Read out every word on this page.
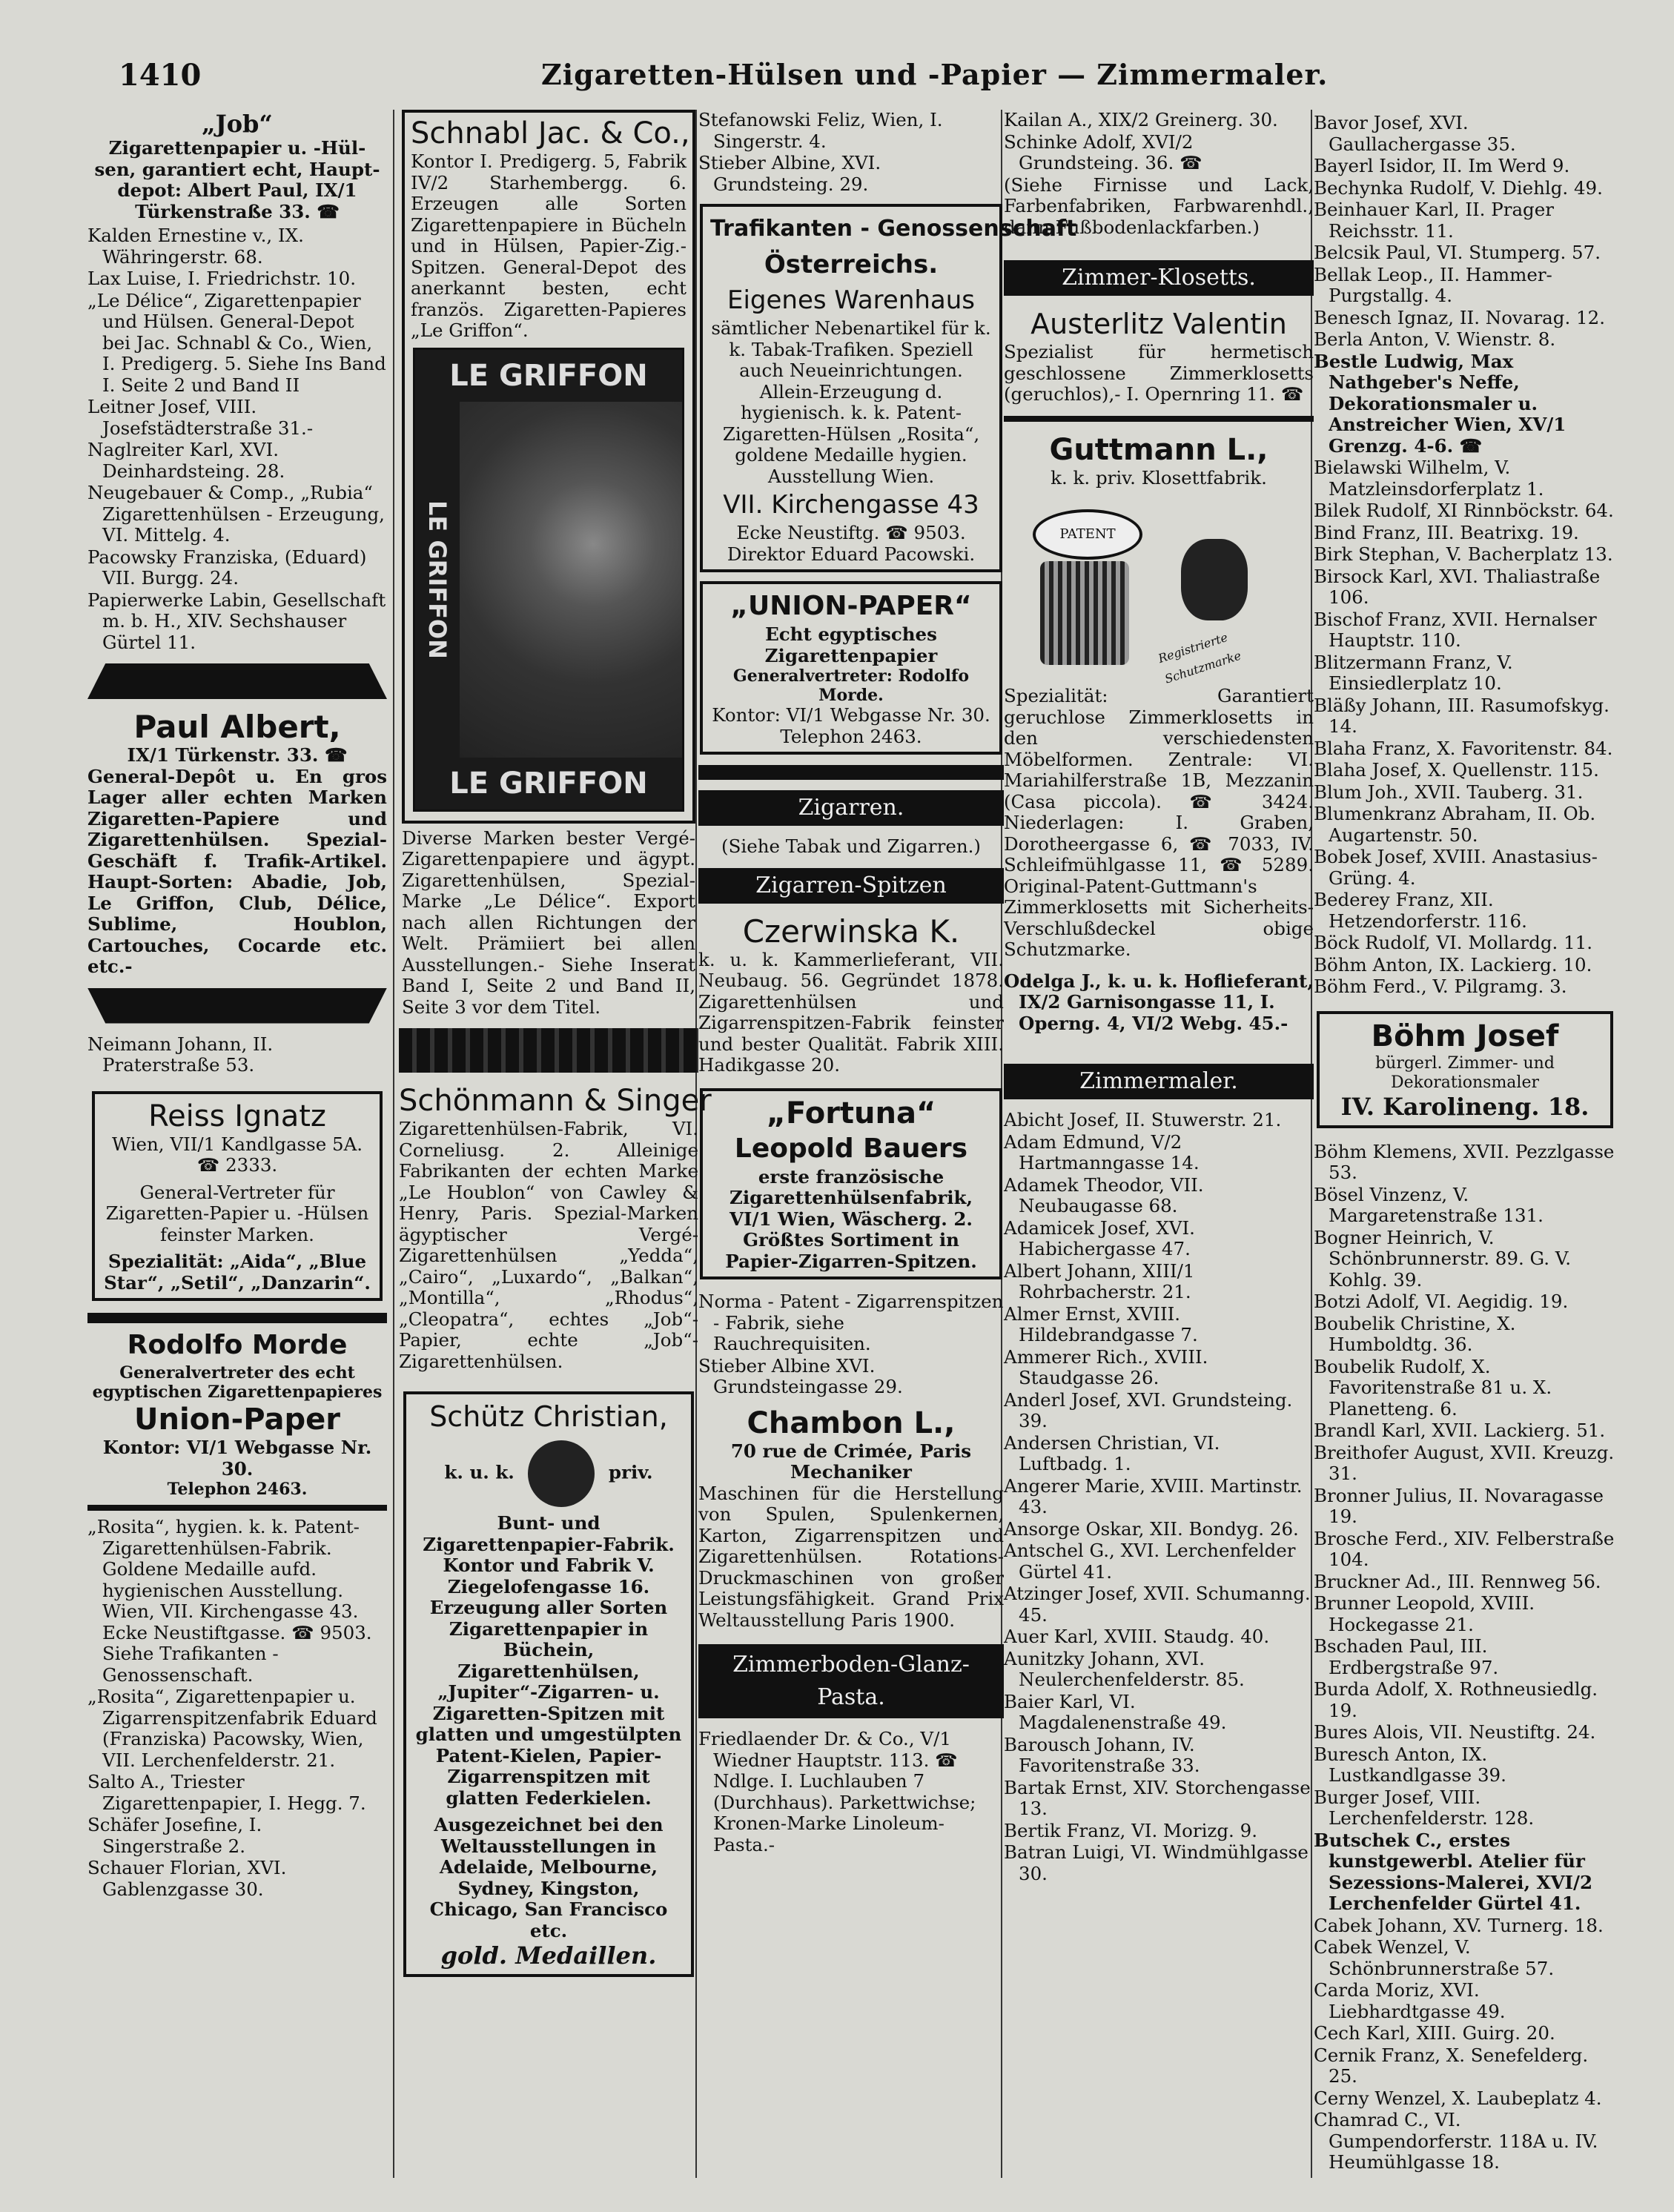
1410	Zigaretten-Hülsen und -Papier — Zimmermaler.
„Job“
Zigarettenpapier u. -Hül-
sen, garantiert echt, Haupt-
depot: Albert Paul, IX/1
Türkenstraße 33. ☎
Kalden Ernestine v., IX. Währingerstr. 68.
Lax Luise, I. Friedrichstr. 10.
„Le Délice“, Zigarettenpapier und Hülsen. General-Depot bei Jac. Schnabl & Co., Wien, I. Predigerg. 5. Siehe Ins Band I. Seite 2 und Band II
Leitner Josef, VIII. Josefstädterstraße 31.-
Naglreiter Karl, XVI. Deinhardsteing. 28.
Neugebauer & Comp., „Rubia“ Zigarettenhülsen - Erzeugung, VI. Mittelg. 4.
Pacowsky Franziska, (Eduard) VII. Burgg. 24.
Papierwerke Labin, Gesellschaft m. b. H., XIV. Sechshauser Gürtel 11.
Paul Albert,
IX/1 Türkenstr. 33. ☎
General-Depôt u. En gros Lager aller echten Marken Zigaretten-Papiere und Zigarettenhülsen. Spezial-Geschäft f. Trafik-Artikel. Haupt-Sorten: Abadie, Job, Le Griffon, Club, Délice, Sublime, Houblon, Cartouches, Cocarde etc. etc.-
Neimann Johann, II. Praterstraße 53.
Reiss Ignatz
Wien, VII/1 Kandlgasse 5A.
☎ 2333.
General-Vertreter für Zigaretten-Papier u. -Hülsen feinster Marken.
Spezialität: „Aida“, „Blue Star“, „Setil“, „Danzarin“.
Rodolfo Morde
Generalvertreter des echt egyptischen Zigarettenpapieres
Union-Paper
Kontor: VI/1 Webgasse Nr. 30.
Telephon 2463.
„Rosita“, hygien. k. k. Patent-Zigarettenhülsen-Fabrik. Goldene Medaille aufd. hygienischen Ausstellung. Wien, VII. Kirchengasse 43. Ecke Neustiftgasse. ☎ 9503. Siehe Trafikanten - Genossenschaft.
„Rosita“, Zigarettenpapier u. Zigarrenspitzenfabrik Eduard (Franziska) Pacowsky, Wien, VII. Lerchenfelderstr. 21.
Salto A., Triester Zigarettenpapier, I. Hegg. 7.
Schäfer Josefine, I. Singerstraße 2.
Schauer Florian, XVI. Gablenzgasse 30.
Schnabl Jac. & Co.,
Kontor I. Predigerg. 5, Fabrik IV/2 Starhembergg. 6. Erzeugen alle Sorten Zigarettenpapiere in Bücheln und in Hülsen, Papier-Zig.-Spitzen. General-Depot des anerkannt besten, echt französ. Zigaretten-Papieres „Le Griffon“.
LE GRIFFON
LE GRIFFON
LE GRIFFON
Diverse Marken bester Vergé-Zigarettenpapiere und ägypt. Zigarettenhülsen, Spezial-Marke „Le Délice“. Export nach allen Richtungen der Welt. Prämiiert bei allen Ausstellungen.- Siehe Inserat Band I, Seite 2 und Band II, Seite 3 vor dem Titel.
Schönmann & Singer
Zigarettenhülsen-Fabrik, VI. Corneliusg. 2. Alleinige Fabrikanten der echten Marke „Le Houblon“ von Cawley & Henry, Paris. Spezial-Marken ägyptischer Vergé-Zigarettenhülsen „Yedda“, „Cairo“, „Luxardo“, „Balkan“, „Montilla“, „Rhodus“, „Cleopatra“, echtes „Job“-Papier, echte „Job“-Zigarettenhülsen.
Schütz Christian,
k. u. k.	priv.
Bunt- und Zigarettenpapier-Fabrik. Kontor und Fabrik V. Ziegelofengasse 16. Erzeugung aller Sorten Zigarettenpapier in Büchein, Zigarettenhülsen, „Jupiter“-Zigarren- u. Zigaretten-Spitzen mit glatten und umgestülpten Patent-Kielen, Papier-Zigarrenspitzen mit glatten Federkielen.
Ausgezeichnet bei den Weltausstellungen in Adelaide, Melbourne, Sydney, Kingston, Chicago, San Francisco etc.
gold. Medaillen.
Stefanowski Feliz, Wien, I. Singerstr. 4.
Stieber Albine, XVI. Grundsteing. 29.
Trafikanten - Genossenschaft
Österreichs.
Eigenes Warenhaus
sämtlicher Nebenartikel für k. k. Tabak-Trafiken. Speziell auch Neueinrichtungen. Allein-Erzeugung d. hygienisch. k. k. Patent-Zigaretten-Hülsen „Rosita“, goldene Medaille hygien. Ausstellung Wien.
VII. Kirchengasse 43
Ecke Neustiftg. ☎ 9503.
Direktor Eduard Pacowski.
„UNION-PAPER“
Echt egyptisches Zigarettenpapier
Generalvertreter: Rodolfo Morde.
Kontor: VI/1 Webgasse Nr. 30.
Telephon 2463.
Zigarren.
(Siehe Tabak und Zigarren.)
Zigarren-Spitzen
Czerwinska K.
k. u. k. Kammerlieferant, VII. Neubaug. 56. Gegründet 1878. Zigarettenhülsen und Zigarrenspitzen-Fabrik feinster und bester Qualität. Fabrik XIII. Hadikgasse 20.
„Fortuna“
Leopold Bauers
erste französische Zigarettenhülsenfabrik, VI/1 Wien, Wäscherg. 2. Größtes Sortiment in Papier-Zigarren-Spitzen.
Norma - Patent - Zigarrenspitzen - Fabrik, siehe Rauchrequisiten.
Stieber Albine XVI. Grundsteingasse 29.
Chambon L.,
70 rue de Crimée, Paris
Mechaniker
Maschinen für die Herstellung von Spulen, Spulenkernen, Karton, Zigarrenspitzen und Zigarettenhülsen. Rotations-Druckmaschinen von großer Leistungsfähigkeit. Grand Prix Weltausstellung Paris 1900.
Zimmerboden-Glanz-
Pasta.
Friedlaender Dr. & Co., V/1 Wiedner Hauptstr. 113. ☎ Ndlge. I. Luchlauben 7 (Durchhaus). Parkettwichse; Kronen-Marke Linoleum-Pasta.-
Kailan A., XIX/2 Greinerg. 30.
Schinke Adolf, XVI/2 Grundsteing. 36. ☎
(Siehe Firnisse und Lack, Farbenfabriken, Farbwarenhdl., dann Fußbodenlackfarben.)
Zimmer-Klosetts.
Austerlitz Valentin
Spezialist für hermetisch geschlossene Zimmerklosetts (geruchlos),- I. Opernring 11. ☎
Guttmann L.,
k. k. priv. Klosettfabrik.
PATENT
Registrierte Schutzmarke
Spezialität: Garantiert geruchlose Zimmerklosetts in den verschiedensten Möbelformen. Zentrale: VI. Mariahilferstraße 1B, Mezzanin (Casa piccola). ☎ 3424. Niederlagen: I. Graben, Dorotheergasse 6, ☎ 7033, IV. Schleifmühlgasse 11, ☎ 5289. Original-Patent-Guttmann's Zimmerklosetts mit Sicherheits-Verschlußdeckel obige Schutzmarke.
Odelga J., k. u. k. Hoflieferant, IX/2 Garnisongasse 11, I. Operng. 4, VI/2 Webg. 45.-
Zimmermaler.
Abicht Josef, II. Stuwerstr. 21.
Adam Edmund, V/2 Hartmanngasse 14.
Adamek Theodor, VII. Neubaugasse 68.
Adamicek Josef, XVI. Habichergasse 47.
Albert Johann, XIII/1 Rohrbacherstr. 21.
Almer Ernst, XVIII. Hildebrandgasse 7.
Ammerer Rich., XVIII. Staudgasse 26.
Anderl Josef, XVI. Grundsteing. 39.
Andersen Christian, VI. Luftbadg. 1.
Angerer Marie, XVIII. Martinstr. 43.
Ansorge Oskar, XII. Bondyg. 26.
Antschel G., XVI. Lerchenfelder Gürtel 41.
Atzinger Josef, XVII. Schumanng. 45.
Auer Karl, XVIII. Staudg. 40.
Aunitzky Johann, XVI. Neulerchenfelderstr. 85.
Baier Karl, VI. Magdalenenstraße 49.
Barousch Johann, IV. Favoritenstraße 33.
Bartak Ernst, XIV. Storchengasse 13.
Bertik Franz, VI. Morizg. 9.
Batran Luigi, VI. Windmühlgasse 30.
Bavor Josef, XVI. Gaullachergasse 35.
Bayerl Isidor, II. Im Werd 9.
Bechynka Rudolf, V. Diehlg. 49.
Beinhauer Karl, II. Prager Reichsstr. 11.
Belcsik Paul, VI. Stumperg. 57.
Bellak Leop., II. Hammer-Purgstallg. 4.
Benesch Ignaz, II. Novarag. 12.
Berla Anton, V. Wienstr. 8.
Bestle Ludwig, Max Nathgeber's Neffe, Dekorationsmaler u. Anstreicher Wien, XV/1 Grenzg. 4-6. ☎
Bielawski Wilhelm, V. Matzleinsdorferplatz 1.
Bilek Rudolf, XI Rinnböckstr. 64.
Bind Franz, III. Beatrixg. 19.
Birk Stephan, V. Bacherplatz 13.
Birsock Karl, XVI. Thaliastraße 106.
Bischof Franz, XVII. Hernalser Hauptstr. 110.
Blitzermann Franz, V. Einsiedlerplatz 10.
Bläßy Johann, III. Rasumofskyg. 14.
Blaha Franz, X. Favoritenstr. 84.
Blaha Josef, X. Quellenstr. 115.
Blum Joh., XVII. Tauberg. 31.
Blumenkranz Abraham, II. Ob. Augartenstr. 50.
Bobek Josef, XVIII. Anastasius-Grüng. 4.
Bederey Franz, XII. Hetzendorferstr. 116.
Böck Rudolf, VI. Mollardg. 11.
Böhm Anton, IX. Lackierg. 10.
Böhm Ferd., V. Pilgramg. 3.
Böhm Josef
bürgerl. Zimmer- und Dekorationsmaler
IV. Karolineng. 18.
Böhm Klemens, XVII. Pezzlgasse 53.
Bösel Vinzenz, V. Margaretenstraße 131.
Bogner Heinrich, V. Schönbrunnerstr. 89. G. V. Kohlg. 39.
Botzi Adolf, VI. Aegidig. 19.
Boubelik Christine, X. Humboldtg. 36.
Boubelik Rudolf, X. Favoritenstraße 81 u. X. Planetteng. 6.
Brandl Karl, XVII. Lackierg. 51.
Breithofer August, XVII. Kreuzg. 31.
Bronner Julius, II. Novaragasse 19.
Brosche Ferd., XIV. Felberstraße 104.
Bruckner Ad., III. Rennweg 56.
Brunner Leopold, XVIII. Hockegasse 21.
Bschaden Paul, III. Erdbergstraße 97.
Burda Adolf, X. Rothneusiedlg. 19.
Bures Alois, VII. Neustiftg. 24.
Buresch Anton, IX. Lustkandlgasse 39.
Burger Josef, VIII. Lerchenfelderstr. 128.
Butschek C., erstes kunstgewerbl. Atelier für Sezessions-Malerei, XVI/2 Lerchenfelder Gürtel 41.
Cabek Johann, XV. Turnerg. 18.
Cabek Wenzel, V. Schönbrunnerstraße 57.
Carda Moriz, XVI. Liebhardtgasse 49.
Cech Karl, XIII. Guirg. 20.
Cernik Franz, X. Senefelderg. 25.
Cerny Wenzel, X. Laubeplatz 4.
Chamrad C., VI. Gumpendorferstr. 118A u. IV. Heumühlgasse 18.
